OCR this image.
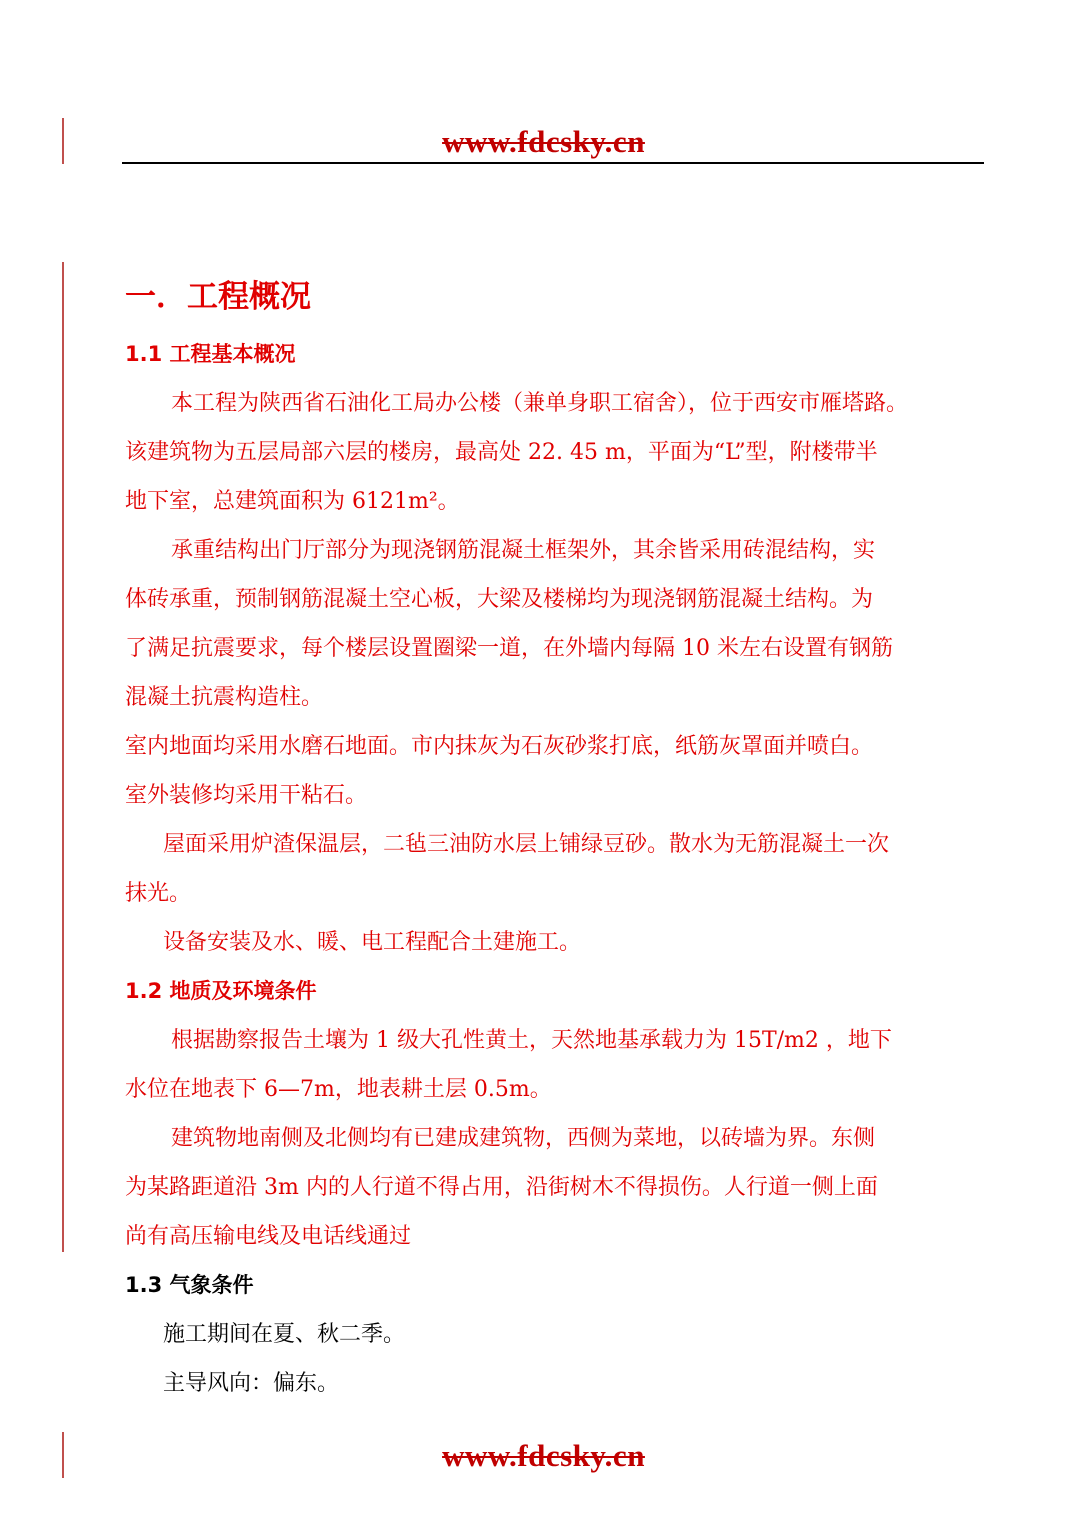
www.fdcsky.cn
一．工程概况
1.1 工程基本概况

本工程为陕西省石油化工局办公楼（兼单身职工宿舍），位于西安市雁塔路。

该建筑物为五层局部六层的楼房，最高处 22. 45 m，平面为“L”型，附楼带半

地下室，总建筑面积为 6121m²。

承重结构出门厅部分为现浇钢筋混凝土框架外，其余皆采用砖混结构，实

体砖承重，预制钢筋混凝土空心板，大梁及楼梯均为现浇钢筋混凝土结构。为

了满足抗震要求，每个楼层设置圈梁一道，在外墙内每隔 10 米左右设置有钢筋

混凝土抗震构造柱。

室内地面均采用水磨石地面。市内抹灰为石灰砂浆打底，纸筋灰罩面并喷白。

室外装修均采用干粘石。

屋面采用炉渣保温层，二毡三油防水层上铺绿豆砂。散水为无筋混凝土一次

抹光。

设备安装及水、暖、电工程配合土建施工。

1.2 地质及环境条件

根据勘察报告土壤为 1 级大孔性黄土，天然地基承载力为 15T/m2 ，地下

水位在地表下 6—7m，地表耕土层 0.5m。

建筑物地南侧及北侧均有已建成建筑物，西侧为菜地，以砖墙为界。东侧

为某路距道沿 3m 内的人行道不得占用，沿街树木不得损伤。人行道一侧上面

尚有高压输电线及电话线通过

1.3 气象条件

施工期间在夏、秋二季。

主导风向：偏东。

www.fdcsky.cn
